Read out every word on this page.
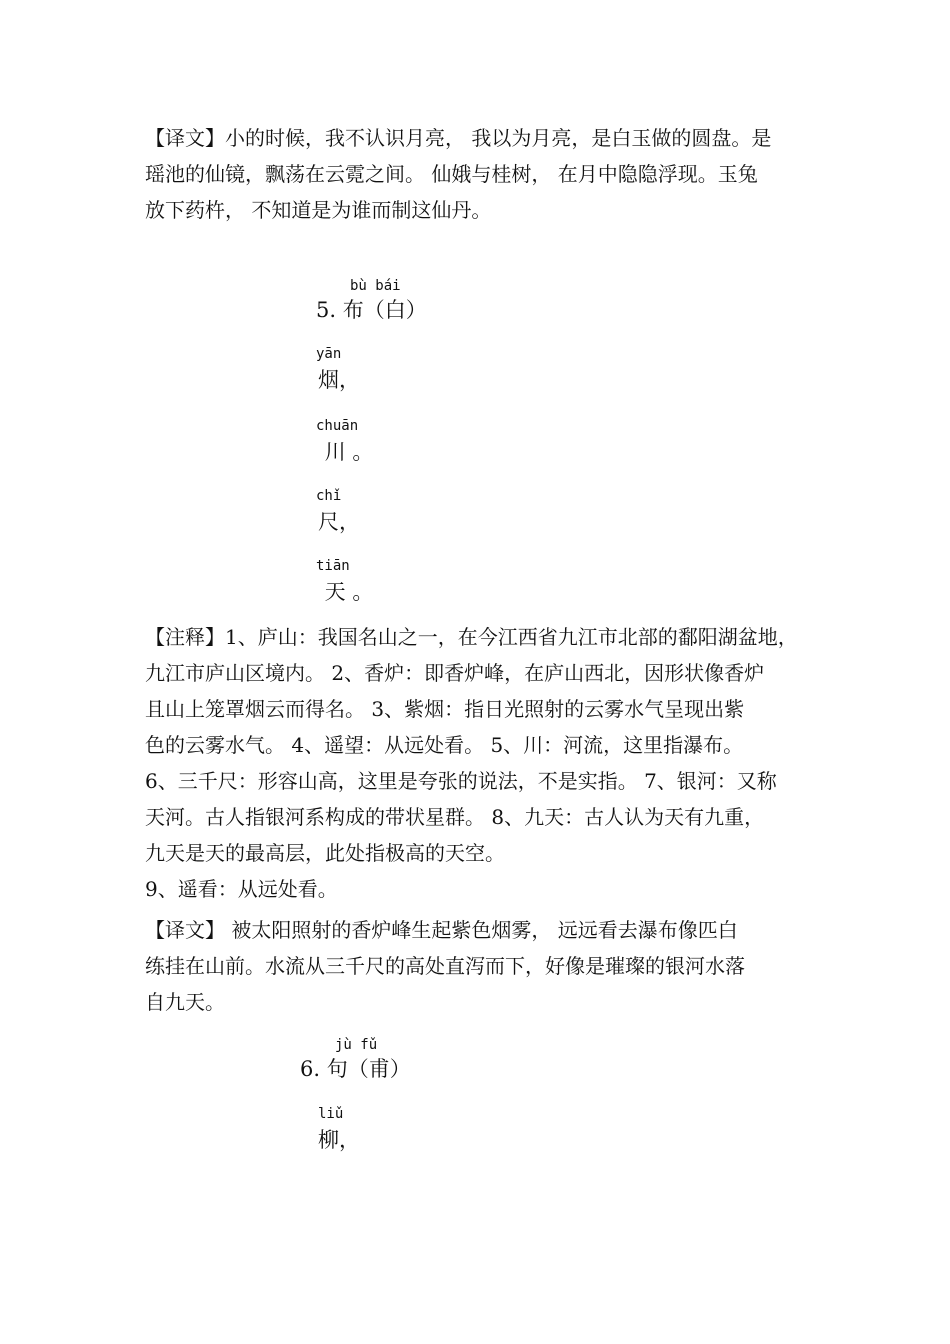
【译文】小的时候，我不认识月亮， 我以为月亮，是白玉做的圆盘。是
瑶池的仙镜，飘荡在云霓之间。 仙娥与桂树， 在月中隐隐浮现。玉兔
放下药杵， 不知道是为谁而制这仙丹。
bù bái
5. 布（白）
yān
烟，
chuān
川 。
chǐ
尺，
tiān
天 。
【注释】1、庐山：我国名山之一，在今江西省九江市北部的鄱阳湖盆地，
九江市庐山区境内。 2、香炉：即香炉峰，在庐山西北，因形状像香炉
且山上笼罩烟云而得名。 3、紫烟：指日光照射的云雾水气呈现出紫
色的云雾水气。 4、遥望：从远处看。 5、川：河流，这里指瀑布。
6、三千尺：形容山高，这里是夸张的说法，不是实指。 7、银河：又称
天河。古人指银河系构成的带状星群。 8、九天：古人认为天有九重，
九天是天的最高层，此处指极高的天空。
9、遥看：从远处看。
【译文】 被太阳照射的香炉峰生起紫色烟雾， 远远看去瀑布像匹白
练挂在山前。水流从三千尺的高处直泻而下，好像是璀璨的银河水落
自九天。
jù fǔ
6. 句（甫）
liǔ
柳，
